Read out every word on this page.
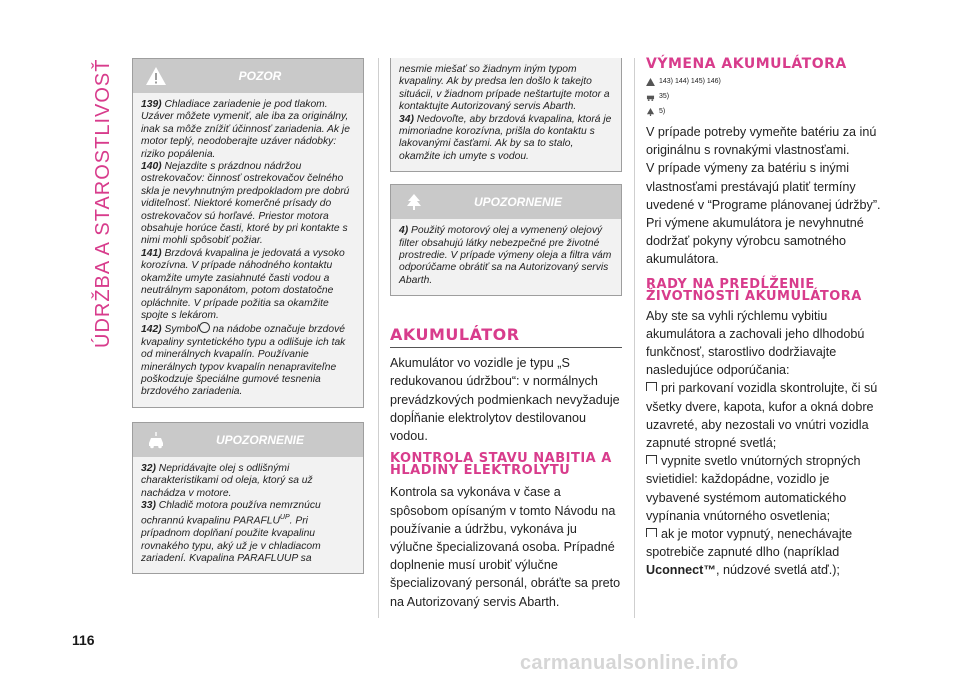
ÚDRŽBA A STAROSTLIVOSŤ
116
POZOR

139) Chladiace zariadenie je pod tlakom. Uzáver môžete vymeniť, ale iba za originálny, inak sa môže znížiť účinnosť zariadenia. Ak je motor teplý, neodoberajte uzáver nádobky: riziko popálenia.

140) Nejazdite s prázdnou nádržou ostrekovačov: činnosť ostrekovačov čelného skla je nevyhnutným predpokladom pre dobrú viditeľnosť. Niektoré komerčné prísady do ostrekovačov sú horľavé. Priestor motora obsahuje horúce časti, ktoré by pri kontakte s nimi mohli spôsobiť požiar.

141) Brzdová kvapalina je jedovatá a vysoko korozívna. V prípade náhodného kontaktu okamžite umyte zasiahnuté časti vodou a neutrálnym saponátom, potom dostatočne opláchnite. V prípade požitia sa okamžite spojte s lekárom.

142) Symbol na nádobe označuje brzdové kvapaliny syntetického typu a odlišuje ich tak od minerálnych kvapalín. Používanie minerálnych typov kvapalín nenapraviteľne poškodzuje špeciálne gumové tesnenia brzdového zariadenia.

UPOZORNENIE

32) Nepridávajte olej s odlišnými charakteristikami od oleja, ktorý sa už nachádza v motore.

33) Chladič motora používa nemrznúcu ochrannú kvapalinu $PARAFLU^{UP}$. Pri prípadnom doplňaní použite kvapalinu rovnakého typu, aký už je v chladiacom zariadení. Kvapalina PARAFLUUP sa

nesmie miešať so žiadnym iným typom kvapaliny. Ak by predsa len došlo k takejto situácii, v žiadnom prípade neštartujte motor a kontaktujte Autorizovaný servis Abarth.

34) Nedovoľte, aby brzdová kvapalina, ktorá je mimoriadne korozívna, prišla do kontaktu s lakovanými časťami. Ak by sa to stalo, okamžite ich umyte s vodou.

UPOZORNENIE

4) Použitý motorový olej a vymenený olejový filter obsahujú látky nebezpečné pre životné prostredie. V prípade výmeny oleja a filtra vám odporúčame obrátiť sa na Autorizovaný servis Abarth.

AKUMULÁTOR
Akumulátor vo vozidle je typu „S redukovanou údržbou“: v normálnych prevádzkových podmienkach nevyžaduje dopĺňanie elektrolytov destilovanou vodou.
KONTROLA STAVU NABITIA A HLADINY ELEKTROLYTU
Kontrola sa vykonáva v čase a spôsobom opísaným v tomto Návodu na používanie a údržbu, vykonáva ju výlučne špecializovaná osoba. Prípadné doplnenie musí urobiť výlučne špecializovaný personál, obráťte sa preto na Autorizovaný servis Abarth.
VÝMENA AKUMULÁTORA
143) 144) 145) 146)
35)
5)

V prípade potreby vymeňte batériu za inú originálnu s rovnakými vlastnosťami.

V prípade výmeny za batériu s inými vlastnosťami prestávajú platiť termíny uvedené v “Programe plánovanej údržby”.

Pri výmene akumulátora je nevyhnutné dodržať pokyny výrobcu samotného akumulátora.

RADY NA PREDĹŽENIE ŽIVOTNOSTI AKUMULÁTORA

Aby ste sa vyhli rýchlemu vybitiu akumulátora a zachovali jeho dlhodobú funkčnosť, starostlivo dodržiavajte nasledujúce odporúčania:

pri parkovaní vozidla skontrolujte, či sú všetky dvere, kapota, kufor a okná dobre uzavreté, aby nezostali vo vnútri vozidla zapnuté stropné svetlá;

vypnite svetlo vnútorných stropných svietidiel: každopádne, vozidlo je vybavené systémom automatického vypínania vnútorného osvetlenia;

ak je motor vypnutý, nenechávajte spotrebiče zapnuté dlho (napríklad Uconnect™, núdzové svetlá atď.);

carmanualsonline.info
